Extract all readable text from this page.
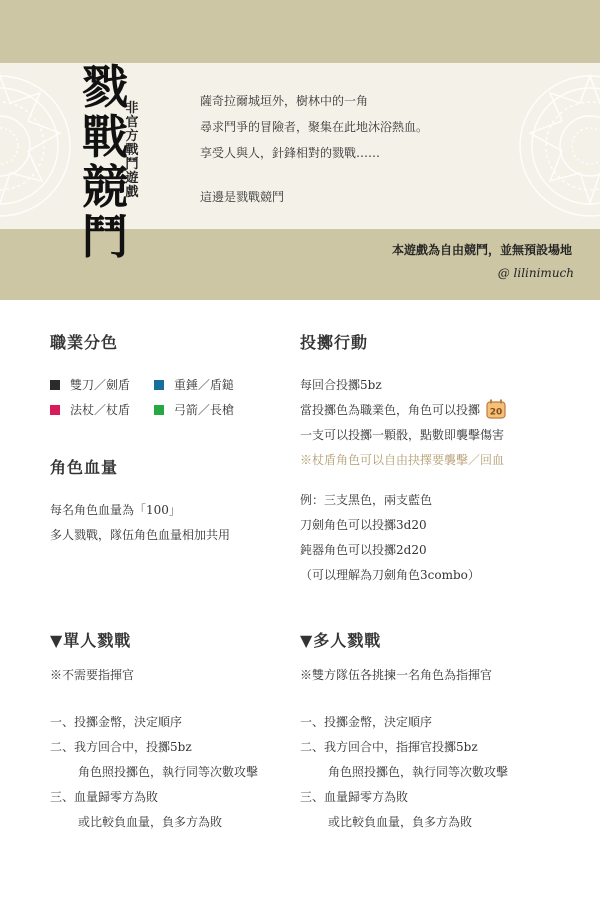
戮戰競鬥
非官方戰鬥遊戲
薩奇拉爾城垣外，樹林中的一角
尋求鬥爭的冒險者，聚集在此地沐浴熱血。
享受人與人，針鋒相對的戮戰……
這邊是戮戰競鬥
本遊戲為自由競鬥，並無預設場地
@ lilinimuch
職業分色
雙刀／劍盾	重錘／盾鎚
法杖／杖盾	弓箭／長槍
投擲行動
每回合投擲5bz
當投擲色為職業色，角色可以投擲 20
一支可以投擲一顆骰，點數即襲擊傷害
※杖盾角色可以自由抉擇要襲擊／回血
角色血量
每名角色血量為「100」
多人戮戰，隊伍角色血量相加共用
例：三支黑色，兩支藍色
刀劍角色可以投擲3d20
鈍器角色可以投擲2d20
（可以理解為刀劍角色3combo）
▼單人戮戰
※不需要指揮官
一、投擲金幣，決定順序
二、我方回合中，投擲5bz
角色照投擲色，執行同等次數攻擊
三、血量歸零方為敗
或比較負血量，負多方為敗
▼多人戮戰
※雙方隊伍各挑揀一名角色為指揮官
一、投擲金幣，決定順序
二、我方回合中，指揮官投擲5bz
角色照投擲色，執行同等次數攻擊
三、血量歸零方為敗
或比較負血量，負多方為敗
